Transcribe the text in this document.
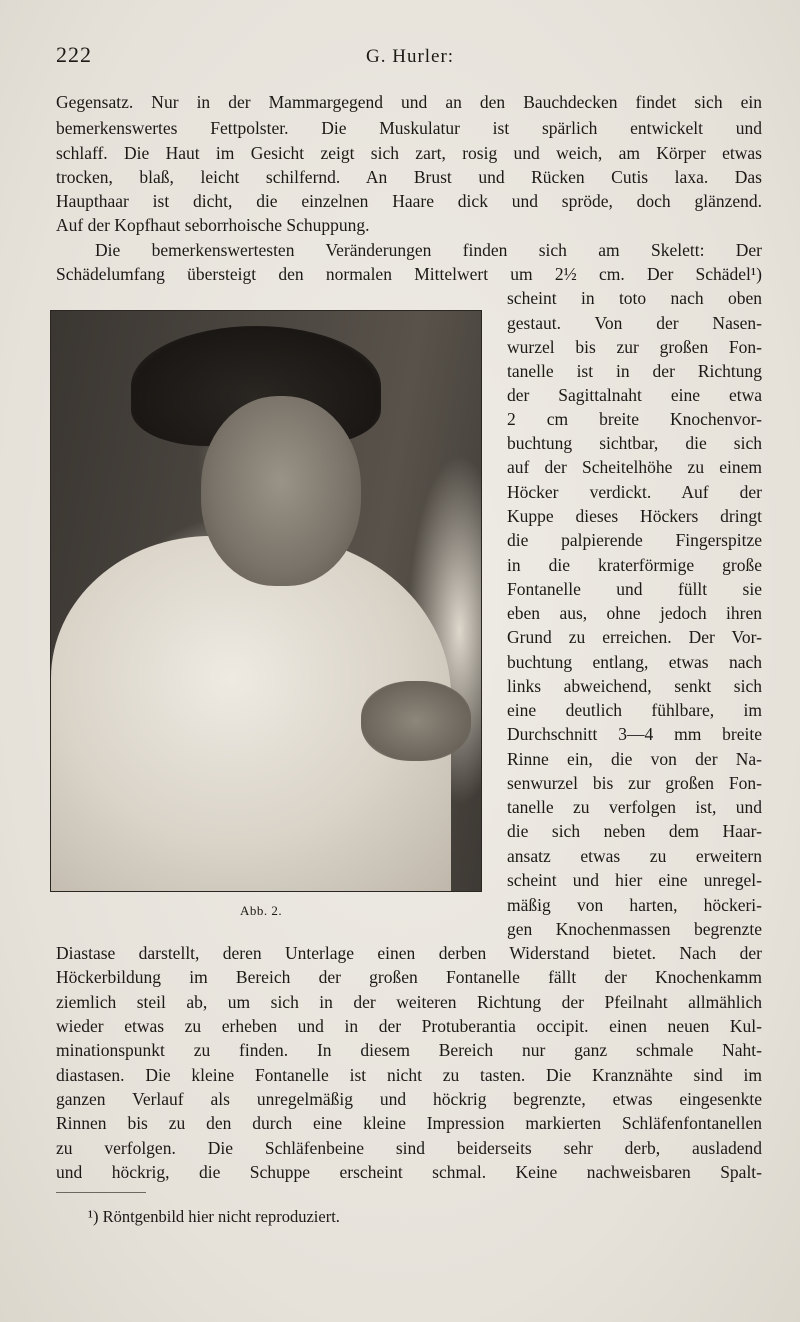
222	G. Hurler:
Gegensatz. Nur in der Mammargegend und an den Bauchdecken findet sich ein
bemerkenswertes Fettpolster. Die Muskulatur ist spärlich entwickelt und
schlaff. Die Haut im Gesicht zeigt sich zart, rosig und weich, am Körper etwas
trocken, blaß, leicht schilfernd. An Brust und Rücken Cutis laxa. Das
Haupthaar ist dicht, die einzelnen Haare dick und spröde, doch glänzend.
Auf der Kopfhaut seborrhoische Schuppung.
Die bemerkenswertesten Veränderungen finden sich am Skelett: Der
Schädelumfang übersteigt den normalen Mittelwert um 2½ cm. Der Schädel¹)
Abb. 2.
scheint in toto nach oben
gestaut. Von der Nasen-
wurzel bis zur großen Fon-
tanelle ist in der Richtung
der Sagittalnaht eine etwa
2 cm breite Knochenvor-
buchtung sichtbar, die sich
auf der Scheitelhöhe zu einem
Höcker verdickt. Auf der
Kuppe dieses Höckers dringt
die palpierende Fingerspitze
in die kraterförmige große
Fontanelle und füllt sie
eben aus, ohne jedoch ihren
Grund zu erreichen. Der Vor-
buchtung entlang, etwas nach
links abweichend, senkt sich
eine deutlich fühlbare, im
Durchschnitt 3—4 mm breite
Rinne ein, die von der Na-
senwurzel bis zur großen Fon-
tanelle zu verfolgen ist, und
die sich neben dem Haar-
ansatz etwas zu erweitern
scheint und hier eine unregel-
mäßig von harten, höckeri-
gen Knochenmassen begrenzte
Diastase darstellt, deren Unterlage einen derben Widerstand bietet. Nach der
Höckerbildung im Bereich der großen Fontanelle fällt der Knochenkamm
ziemlich steil ab, um sich in der weiteren Richtung der Pfeilnaht allmählich
wieder etwas zu erheben und in der Protuberantia occipit. einen neuen Kul-
minationspunkt zu finden. In diesem Bereich nur ganz schmale Naht-
diastasen. Die kleine Fontanelle ist nicht zu tasten. Die Kranznähte sind im
ganzen Verlauf als unregelmäßig und höckrig begrenzte, etwas eingesenkte
Rinnen bis zu den durch eine kleine Impression markierten Schläfenfontanellen
zu verfolgen. Die Schläfenbeine sind beiderseits sehr derb, ausladend
und höckrig, die Schuppe erscheint schmal. Keine nachweisbaren Spalt-
¹) Röntgenbild hier nicht reproduziert.
